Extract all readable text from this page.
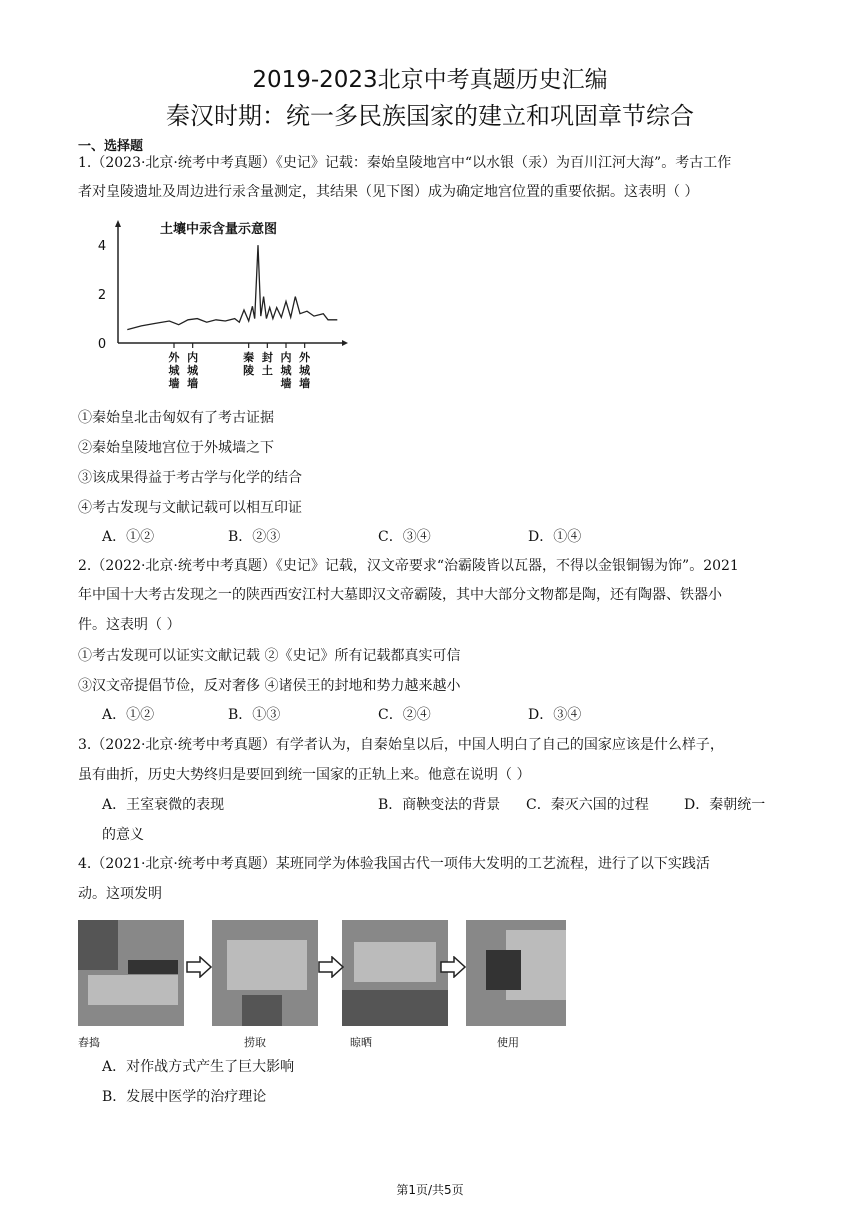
2019-2023北京中考真题历史汇编
秦汉时期：统一多民族国家的建立和巩固章节综合
一、选择题
1.（2023·北京·统考中考真题）《史记》记载：秦始皇陵地宫中“以水银（汞）为百川江河大海”。考古工作
者对皇陵遗址及周边进行汞含量测定，其结果（见下图）成为确定地宫位置的重要依据。这表明（ ）
土壤中汞含量示意图
4
2
0
外城墙
内城墙
秦陵
封土
内城墙
外城墙
①秦始皇北击匈奴有了考古证据
②秦始皇陵地宫位于外城墙之下
③该成果得益于考古学与化学的结合
④考古发现与文献记载可以相互印证
A．①②	B．②③	C．③④	D．①④
2.（2022·北京·统考中考真题）《史记》记载，汉文帝要求“治霸陵皆以瓦器，不得以金银铜锡为饰”。2021
年中国十大考古发现之一的陕西西安江村大墓即汉文帝霸陵，其中大部分文物都是陶，还有陶器、铁器小
件。这表明（ ）
①考古发现可以证实文献记载 ②《史记》所有记载都真实可信
③汉文帝提倡节俭，反对奢侈 ④诸侯王的封地和势力越来越小
A．①②	B．①③	C．②④	D．③④
3.（2022·北京·统考中考真题）有学者认为，自秦始皇以后，中国人明白了自己的国家应该是什么样子，
虽有曲折，历史大势终归是要回到统一国家的正轨上来。他意在说明（ ）
A．王室衰微的表现	B．商鞅变法的背景 C．秦灭六国的过程	D．秦朝统一
的意义
4.（2021·北京·统考中考真题）某班同学为体验我国古代一项伟大发明的工艺流程，进行了以下实践活
动。这项发明
舂捣	捞取	晾晒	使用
A．对作战方式产生了巨大影响
B．发展中医学的治疗理论
第1页/共5页
